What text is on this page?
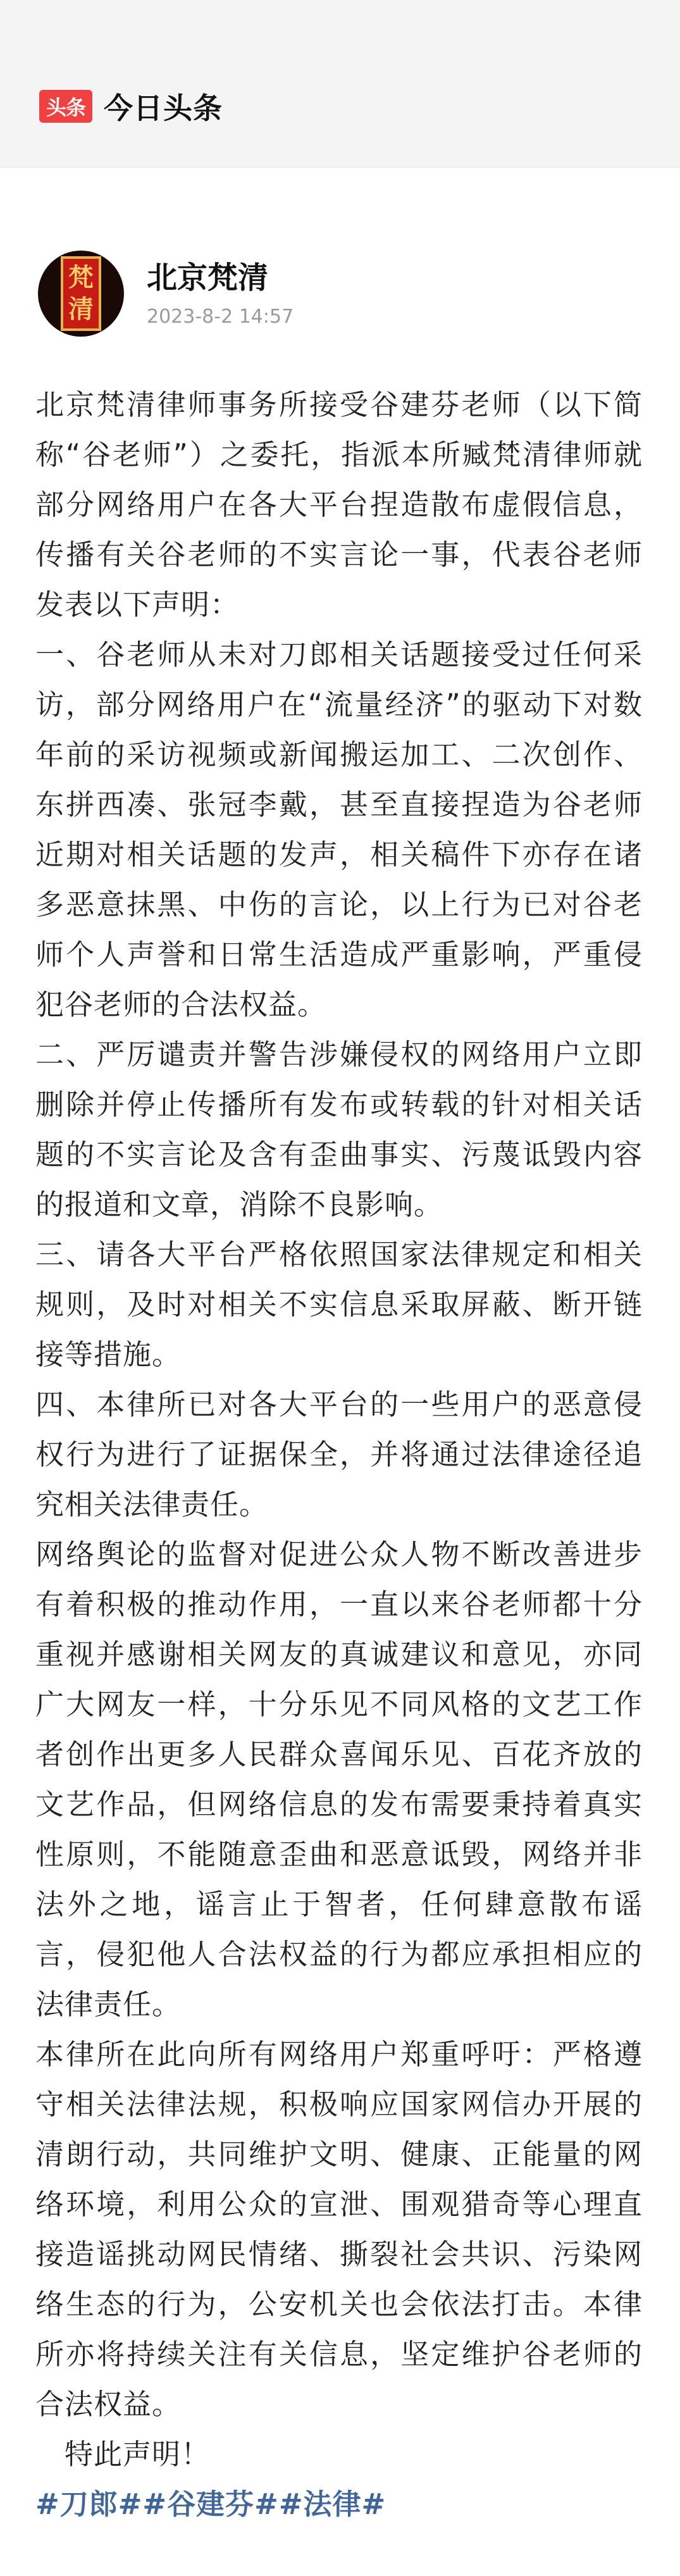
头条 今日头条
梵
清
北京梵清
2023-8-2 14:57

北京梵清律师事务所接受谷建芬老师（以下简称“谷老师”）之委托，指派本所臧梵清律师就部分网络用户在各大平台捏造散布虚假信息，传播有关谷老师的不实言论一事，代表谷老师发表以下声明：

一、谷老师从未对刀郎相关话题接受过任何采访，部分网络用户在“流量经济”的驱动下对数年前的采访视频或新闻搬运加工、二次创作、东拼西凑、张冠李戴，甚至直接捏造为谷老师近期对相关话题的发声，相关稿件下亦存在诸多恶意抹黑、中伤的言论，以上行为已对谷老师个人声誉和日常生活造成严重影响，严重侵犯谷老师的合法权益。

二、严厉谴责并警告涉嫌侵权的网络用户立即删除并停止传播所有发布或转载的针对相关话题的不实言论及含有歪曲事实、污蔑诋毁内容的报道和文章，消除不良影响。

三、请各大平台严格依照国家法律规定和相关规则，及时对相关不实信息采取屏蔽、断开链接等措施。

四、本律所已对各大平台的一些用户的恶意侵权行为进行了证据保全，并将通过法律途径追究相关法律责任。

网络舆论的监督对促进公众人物不断改善进步有着积极的推动作用，一直以来谷老师都十分重视并感谢相关网友的真诚建议和意见，亦同广大网友一样，十分乐见不同风格的文艺工作者创作出更多人民群众喜闻乐见、百花齐放的文艺作品，但网络信息的发布需要秉持着真实性原则，不能随意歪曲和恶意诋毁，网络并非法外之地，谣言止于智者，任何肆意散布谣言，侵犯他人合法权益的行为都应承担相应的法律责任。

本律所在此向所有网络用户郑重呼吁：严格遵守相关法律法规，积极响应国家网信办开展的清朗行动，共同维护文明、健康、正能量的网络环境，利用公众的宣泄、围观猎奇等心理直接造谣挑动网民情绪、撕裂社会共识、污染网络生态的行为，公安机关也会依法打击。本律所亦将持续关注有关信息，坚定维护谷老师的合法权益。

特此声明！

#刀郎##谷建芬##法律#
